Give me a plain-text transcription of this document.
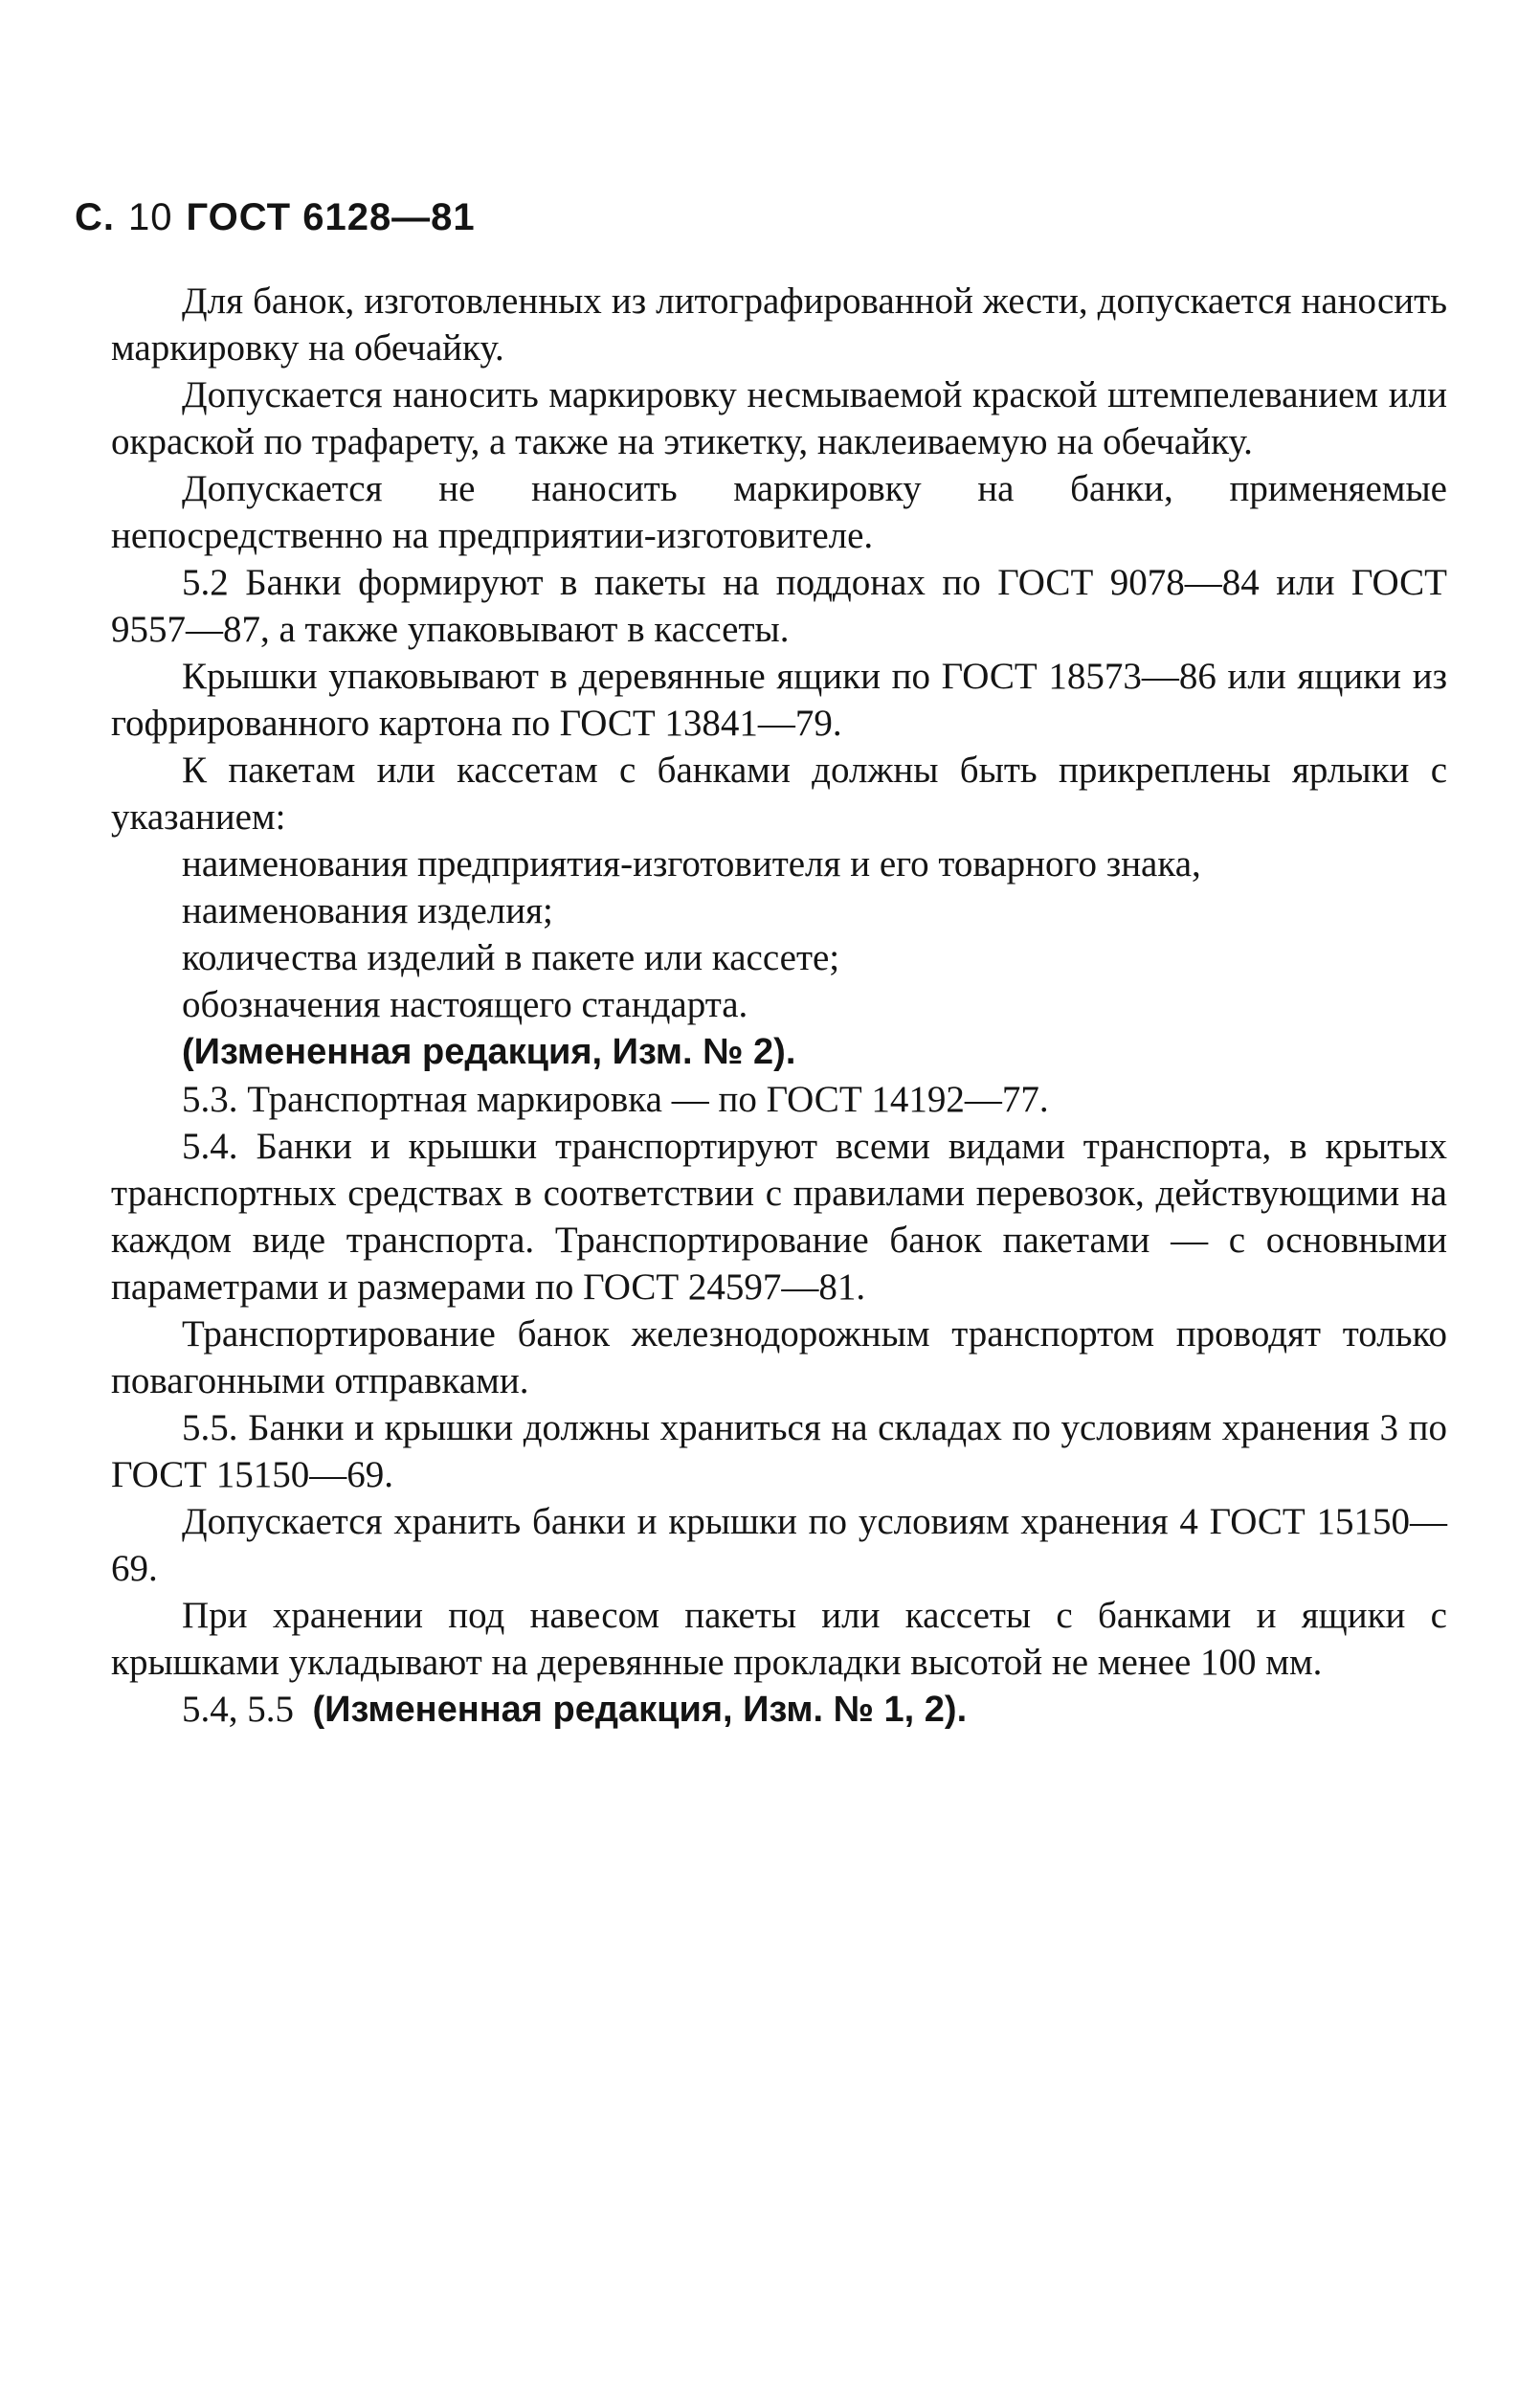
С. 10 ГОСТ 6128—81

Для банок, изготовленных из литографированной жести, допускается наносить маркировку на обечайку.

Допускается наносить маркировку несмываемой краской штемпелеванием или окраской по трафарету, а также на этикетку, наклеиваемую на обечайку.

Допускается не наносить маркировку на банки, применяемые непосредственно на предприятии-изготовителе.

5.2 Банки формируют в пакеты на поддонах по ГОСТ 9078—84 или ГОСТ 9557—87, а также упаковывают в кассеты.

Крышки упаковывают в деревянные ящики по ГОСТ 18573—86 или ящики из гофрированного картона по ГОСТ 13841—79.

К пакетам или кассетам с банками должны быть прикреплены ярлыки с указанием:

наименования предприятия-изготовителя и его товарного знака,

наименования изделия;

количества изделий в пакете или кассете;

обозначения настоящего стандарта.

(Измененная редакция, Изм. № 2).

5.3. Транспортная маркировка — по ГОСТ 14192—77.

5.4. Банки и крышки транспортируют всеми видами транспорта, в крытых транспортных средствах в соответствии с правилами перевозок, действующими на каждом виде транспорта. Транспортирование банок пакетами — с основными параметрами и размерами по ГОСТ 24597—81.

Транспортирование банок железнодорожным транспортом проводят только повагонными отправками.

5.5. Банки и крышки должны храниться на складах по условиям хранения 3 по ГОСТ 15150—69.

Допускается хранить банки и крышки по условиям хранения 4 ГОСТ 15150—69.

При хранении под навесом пакеты или кассеты с банками и ящики с крышками укладывают на деревянные прокладки высотой не менее 100 мм.

5.4, 5.5 (Измененная редакция, Изм. № 1, 2).
